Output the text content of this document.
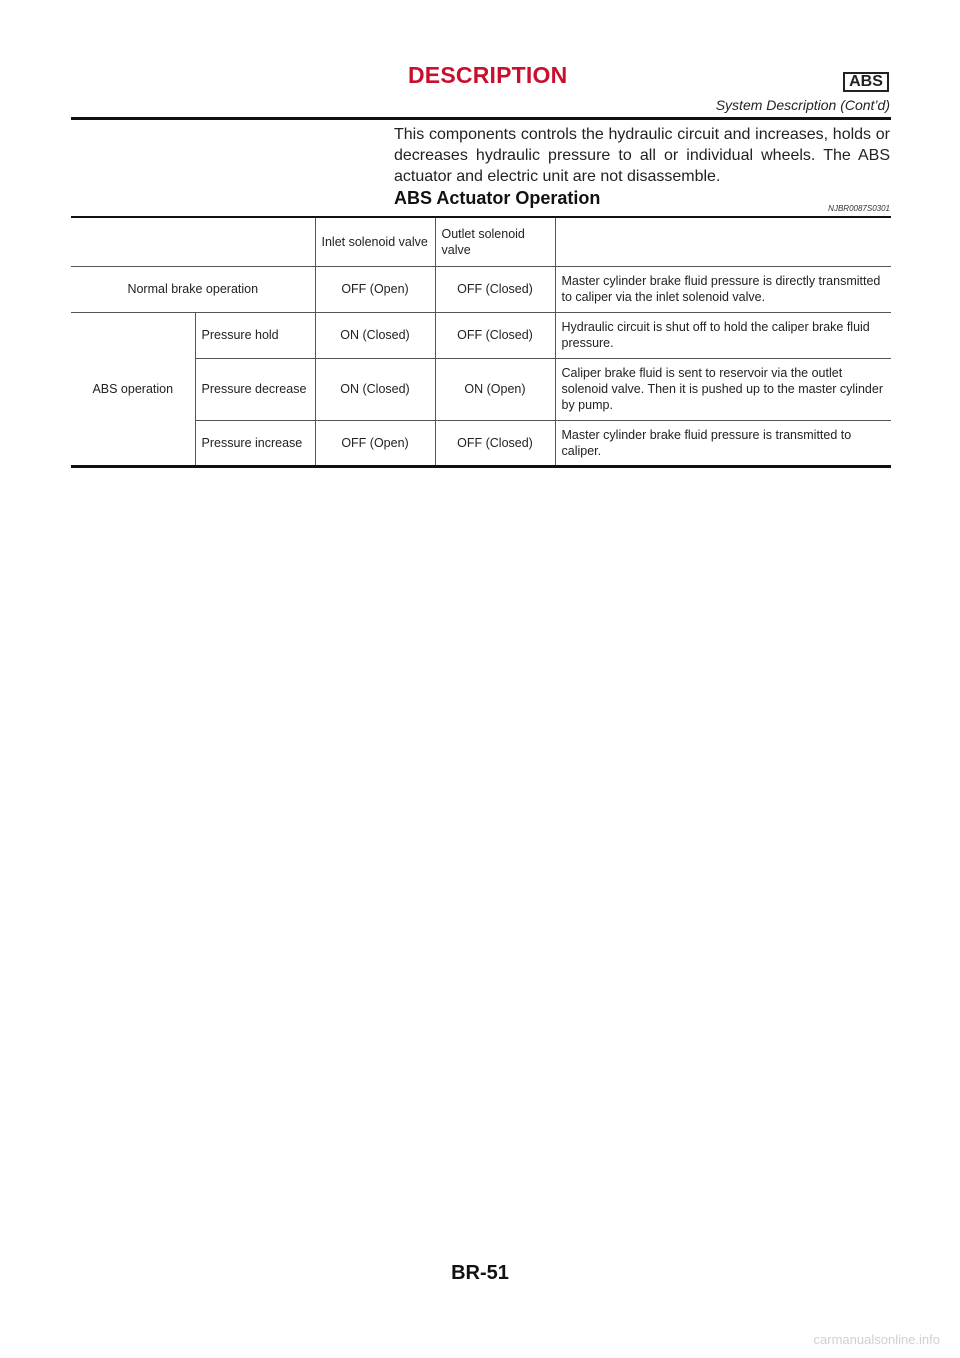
DESCRIPTION	ABS
System Description (Cont’d)

This components controls the hydraulic circuit and increases, holds or decreases hydraulic pressure to all or individual wheels. The ABS actuator and electric unit are not disassemble.

ABS Actuator Operation
NJBR0087S0301
		Inlet solenoid valve	Outlet solenoid valve	
Normal brake operation		OFF (Open)	OFF (Closed)	Master cylinder brake fluid pressure is directly transmitted to caliper via the inlet solenoid valve.
ABS operation	Pressure hold	ON (Closed)	OFF (Closed)	Hydraulic circuit is shut off to hold the caliper brake fluid pressure.
	Pressure decrease	ON (Closed)	ON (Open)	Caliper brake fluid is sent to reservoir via the outlet solenoid valve. Then it is pushed up to the master cylinder by pump.
	Pressure increase	OFF (Open)	OFF (Closed)	Master cylinder brake fluid pressure is transmitted to caliper.
BR-51
carmanualsonline.info
